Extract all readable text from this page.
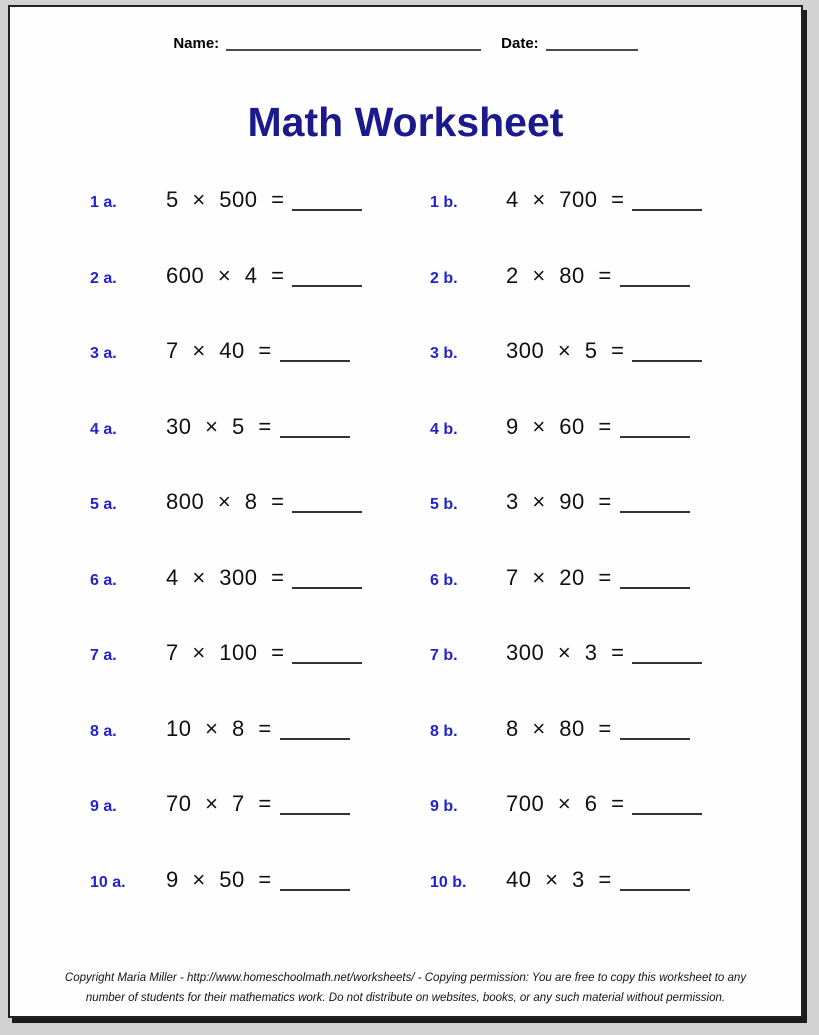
Name:	Date:
Math Worksheet
1 a. 5 × 500 =	1 b. 4 × 700 =
2 a. 600 × 4 =	2 b. 2 × 80 =
3 a. 7 × 40 =	3 b. 300 × 5 =
4 a. 30 × 5 =	4 b. 9 × 60 =
5 a. 800 × 8 =	5 b. 3 × 90 =
6 a. 4 × 300 =	6 b. 7 × 20 =
7 a. 7 × 100 =	7 b. 300 × 3 =
8 a. 10 × 8 =	8 b. 8 × 80 =
9 a. 70 × 7 =	9 b. 700 × 6 =
10 a. 9 × 50 =	10 b. 40 × 3 =
Copyright Maria Miller - http://www.homeschoolmath.net/worksheets/ - Copying permission: You are free to copy this worksheet to any
number of students for their mathematics work. Do not distribute on websites, books, or any such material without permission.
